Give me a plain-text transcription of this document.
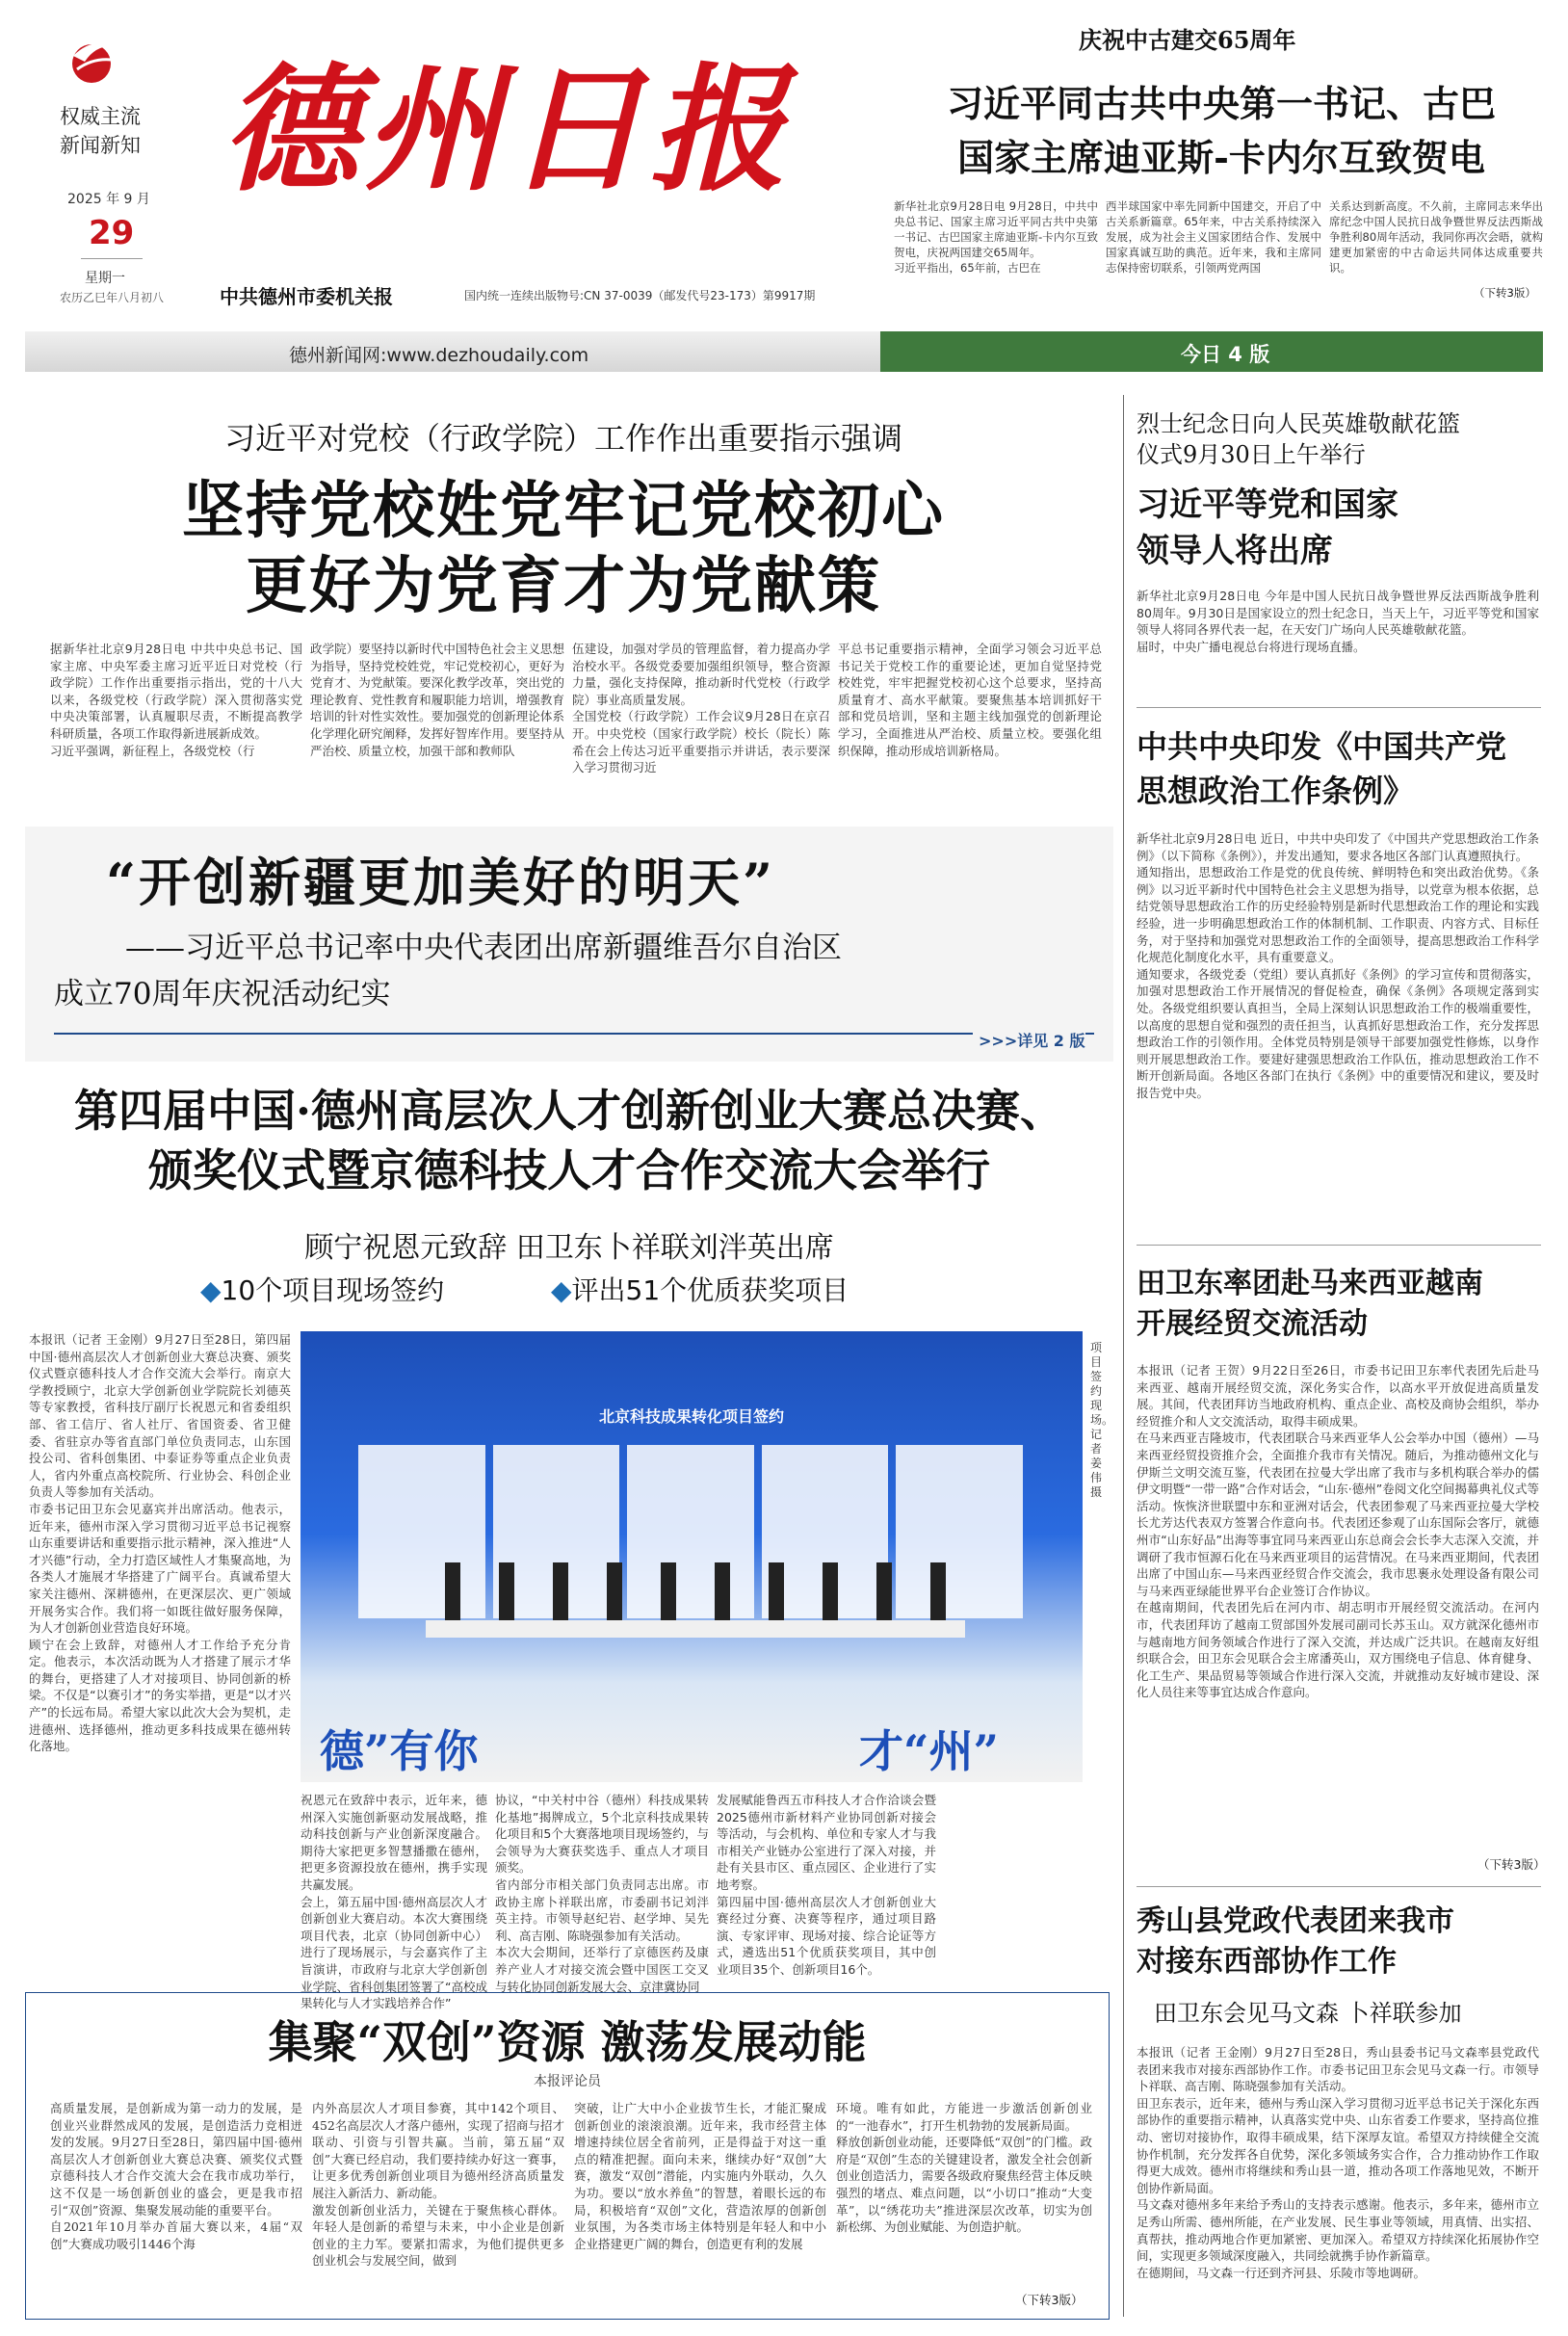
权威主流
新闻新知
2025 年 9 月
29
星期一
农历乙巳年八月初八
德州日报
中共德州市委机关报	国内统一连续出版物号:CN 37-0039（邮发代号23-173）第9917期
庆祝中古建交65周年
习近平同古共中央第一书记、古巴
国家主席迪亚斯-卡内尔互致贺电
新华社北京9月28日电 9月28日，中共中央总书记、国家主席习近平同古共中央第一书记、古巴国家主席迪亚斯-卡内尔互致贺电，庆祝两国建交65周年。
习近平指出，65年前，古巴在
西半球国家中率先同新中国建交，开启了中古关系新篇章。65年来，中古关系持续深入发展，成为社会主义国家团结合作、发展中国家真诚互助的典范。近年来，我和主席同志保持密切联系，引领两党两国
关系达到新高度。不久前，主席同志来华出席纪念中国人民抗日战争暨世界反法西斯战争胜利80周年活动，我同你再次会晤，就构建更加紧密的中古命运共同体达成重要共识。
（下转3版）
德州新闻网:www.dezhoudaily.com	今日 4 版
习近平对党校（行政学院）工作作出重要指示强调
坚持党校姓党牢记党校初心
更好为党育才为党献策
据新华社北京9月28日电 中共中央总书记、国家主席、中央军委主席习近平近日对党校（行政学院）工作作出重要指示指出，党的十八大以来，各级党校（行政学院）深入贯彻落实党中央决策部署，认真履职尽责，不断提高教学科研质量，各项工作取得新进展新成效。
习近平强调，新征程上，各级党校（行
政学院）要坚持以新时代中国特色社会主义思想为指导，坚持党校姓党，牢记党校初心，更好为党育才、为党献策。要深化教学改革，突出党的理论教育、党性教育和履职能力培训，增强教育培训的针对性实效性。要加强党的创新理论体系化学理化研究阐释，发挥好智库作用。要坚持从严治校、质量立校，加强干部和教师队
伍建设，加强对学员的管理监督，着力提高办学治校水平。各级党委要加强组织领导，整合资源力量，强化支持保障，推动新时代党校（行政学院）事业高质量发展。
全国党校（行政学院）工作会议9月28日在京召开。中央党校（国家行政学院）校长（院长）陈希在会上传达习近平重要指示并讲话，表示要深入学习贯彻习近
平总书记重要指示精神，全面学习领会习近平总书记关于党校工作的重要论述，更加自觉坚持党校姓党，牢牢把握党校初心这个总要求，坚持高质量育才、高水平献策。要聚焦基本培训抓好干部和党员培训，坚和主题主线加强党的创新理论学习，全面推进从严治校、质量立校。要强化组织保障，推动形成培训新格局。
“开创新疆更加美好的明天”
——习近平总书记率中央代表团出席新疆维吾尔自治区
成立70周年庆祝活动纪实
>>>详见 2 版
第四届中国·德州高层次人才创新创业大赛总决赛、
颁奖仪式暨京德科技人才合作交流大会举行
顾宁祝恩元致辞 田卫东卜祥联刘泮英出席
◆10个项目现场签约	◆评出51个优质获奖项目
本报讯（记者 王金刚）9月27日至28日，第四届中国·德州高层次人才创新创业大赛总决赛、颁奖仪式暨京德科技人才合作交流大会举行。南京大学教授顾宁，北京大学创新创业学院院长刘德英等专家教授，省科技厅副厅长祝恩元和省委组织部、省工信厅、省人社厅、省国资委、省卫健委、省驻京办等省直部门单位负责同志，山东国投公司、省科创集团、中泰证券等重点企业负责人，省内外重点高校院所、行业协会、科创企业负责人等参加有关活动。
市委书记田卫东会见嘉宾并出席活动。他表示，近年来，德州市深入学习贯彻习近平总书记视察山东重要讲话和重要指示批示精神，深入推进“人才兴德”行动，全力打造区域性人才集聚高地，为各类人才施展才华搭建了广阔平台。真诚希望大家关注德州、深耕德州，在更深层次、更广领域开展务实合作。我们将一如既往做好服务保障，为人才创新创业营造良好环境。
顾宁在会上致辞，对德州人才工作给予充分肯定。他表示，本次活动既为人才搭建了展示才华的舞台，更搭建了人才对接项目、协同创新的桥梁。不仅是“以赛引才”的务实举措，更是“以才兴产”的长远布局。希望大家以此次大会为契机，走进德州、选择德州，推动更多科技成果在德州转化落地。
北京科技成果转化项目签约
德”有你	才“州”
项目签约现场。记者姜伟摄
祝恩元在致辞中表示，近年来，德州深入实施创新驱动发展战略，推动科技创新与产业创新深度融合。期待大家把更多智慧播撒在德州，把更多资源投放在德州，携手实现共赢发展。
会上，第五届中国·德州高层次人才创新创业大赛启动。本次大赛围绕项目代表，北京（协同创新中心）进行了现场展示，与会嘉宾作了主旨演讲，市政府与北京大学创新创业学院、省科创集团签署了“高校成果转化与人才实践培养合作”
协议，“中关村中谷（德州）科技成果转化基地”揭牌成立，5个北京科技成果转化项目和5个大赛落地项目现场签约，与会领导为大赛获奖选手、重点人才项目颁奖。
省内部分市相关部门负责同志出席。市政协主席卜祥联出席，市委副书记刘泮英主持。市领导赵纪岩、赵学坤、吴先利、高吉刚、陈晓强参加有关活动。
本次大会期间，还举行了京德医药及康养产业人才对接交流会暨中国医工交叉与转化协同创新发展大会、京津冀协同
发展赋能鲁西五市科技人才合作洽谈会暨2025德州市新材料产业协同创新对接会等活动，与会机构、单位和专家人才与我市相关产业链办公室进行了深入对接，并赴有关县市区、重点园区、企业进行了实地考察。
第四届中国·德州高层次人才创新创业大赛经过分赛、决赛等程序，通过项目路演、专家评审、现场对接、综合论证等方式，遴选出51个优质获奖项目，其中创业项目35个、创新项目16个。
集聚“双创”资源 激荡发展动能
本报评论员
高质量发展，是创新成为第一动力的发展，是创业兴业群然成风的发展，是创造活力竞相迸发的发展。9月27日至28日，第四届中国·德州高层次人才创新创业大赛总决赛、颁奖仪式暨京德科技人才合作交流大会在我市成功举行，这不仅是一场创新创业的盛会，更是我市招引“双创”资源、集聚发展动能的重要平台。
自2021年10月举办首届大赛以来，4届“双创”大赛成功吸引1446个海
内外高层次人才项目参赛，其中142个项目、452名高层次人才落户德州，实现了招商与招才联动、引资与引智共赢。当前，第五届“双创”大赛已经启动，我们要持续办好这一赛事，让更多优秀创新创业项目为德州经济高质量发展注入新活力、新动能。
激发创新创业活力，关键在于聚焦核心群体。年轻人是创新的希望与未来，中小企业是创新创业的主力军。要紧扣需求，为他们提供更多创业机会与发展空间，做到
突破，让广大中小企业拔节生长，才能汇聚成创新创业的滚滚浪潮。近年来，我市经营主体增速持续位居全省前列，正是得益于对这一重点的精准把握。面向未来，继续办好“双创”大赛，激发“双创”潜能，内实施内外联动，久久为功。要以“放水养鱼”的智慧，着眼长远的布局，积极培育“双创”文化，营造浓厚的创新创业氛围，为各类市场主体特别是年轻人和中小企业搭建更广阔的舞台，创造更有利的发展
环境。唯有如此，方能进一步激活创新创业的“一池春水”，打开生机勃勃的发展新局面。
释放创新创业动能，还要降低“双创”的门槛。政府是“双创”生态的关键建设者，激发全社会创新创业创造活力，需要各级政府聚焦经营主体反映强烈的堵点、难点问题，以“小切口”推动“大变革”，以“绣花功夫”推进深层次改革，切实为创新松绑、为创业赋能、为创造护航。
（下转3版）
烈士纪念日向人民英雄敬献花篮
仪式9月30日上午举行
习近平等党和国家
领导人将出席
新华社北京9月28日电 今年是中国人民抗日战争暨世界反法西斯战争胜利80周年。9月30日是国家设立的烈士纪念日，当天上午，习近平等党和国家领导人将同各界代表一起，在天安门广场向人民英雄敬献花篮。
届时，中央广播电视总台将进行现场直播。
中共中央印发《中国共产党
思想政治工作条例》
新华社北京9月28日电 近日，中共中央印发了《中国共产党思想政治工作条例》（以下简称《条例》），并发出通知，要求各地区各部门认真遵照执行。
通知指出，思想政治工作是党的优良传统、鲜明特色和突出政治优势。《条例》以习近平新时代中国特色社会主义思想为指导，以党章为根本依据，总结党领导思想政治工作的历史经验特别是新时代思想政治工作的理论和实践经验，进一步明确思想政治工作的体制机制、工作职责、内容方式、目标任务，对于坚持和加强党对思想政治工作的全面领导，提高思想政治工作科学化规范化制度化水平，具有重要意义。
通知要求，各级党委（党组）要认真抓好《条例》的学习宣传和贯彻落实，加强对思想政治工作开展情况的督促检查，确保《条例》各项规定落到实处。各级党组织要认真担当，全局上深刻认识思想政治工作的极端重要性，以高度的思想自觉和强烈的责任担当，认真抓好思想政治工作，充分发挥思想政治工作的引领作用。全体党员特别是领导干部要加强党性修炼，以身作则开展思想政治工作。要建好建强思想政治工作队伍，推动思想政治工作不断开创新局面。各地区各部门在执行《条例》中的重要情况和建议，要及时报告党中央。
田卫东率团赴马来西亚越南
开展经贸交流活动
本报讯（记者 王贺）9月22日至26日，市委书记田卫东率代表团先后赴马来西亚、越南开展经贸交流，深化务实合作，以高水平开放促进高质量发展。其间，代表团拜访当地政府机构、重点企业、高校及商协会组织，举办经贸推介和人文交流活动，取得丰硕成果。
在马来西亚吉隆坡市，代表团联合马来西亚华人公会举办中国（德州）—马来西亚经贸投资推介会，全面推介我市有关情况。随后，为推动德州文化与伊斯兰文明交流互鉴，代表团在拉曼大学出席了我市与多机构联合举办的儒伊文明暨“一带一路”合作对话会，“山东·德州”卷阅文化空间揭幕典礼仪式等活动。恢恢济世联盟中东和亚洲对话会，代表团参观了马来西亚拉曼大学校长尤芳达代表双方签署合作意向书。代表团还参观了山东国际会客厅，就德州市“山东好品”出海等事宜同马来西亚山东总商会会长李大志深入交流，并调研了我市恒源石化在马来西亚项目的运营情况。在马来西亚期间，代表团出席了中国山东—马来西亚经贸合作交流会，我市思裹永处理设备有限公司与马来西亚绿能世界平台企业签订合作协议。
在越南期间，代表团先后在河内市、胡志明市开展经贸交流活动。在河内市，代表团拜访了越南工贸部国外发展司副司长苏玉山。双方就深化德州市与越南地方间务领域合作进行了深入交流，并达成广泛共识。在越南友好组织联合会，田卫东会见联合会主席潘英山，双方围绕电子信息、体育健身、化工生产、果品贸易等领域合作进行深入交流，并就推动友好城市建设、深化人员往来等事宜达成合作意向。
（下转3版）
秀山县党政代表团来我市
对接东西部协作工作
田卫东会见马文森 卜祥联参加
本报讯（记者 王金刚）9月27日至28日，秀山县委书记马文森率县党政代表团来我市对接东西部协作工作。市委书记田卫东会见马文森一行。市领导卜祥联、高吉刚、陈晓强参加有关活动。
田卫东表示，近年来，德州与秀山深入学习贯彻习近平总书记关于深化东西部协作的重要指示精神，认真落实党中央、山东省委工作要求，坚持高位推动、密切对接协作，取得丰硕成果，结下深厚友谊。希望双方持续健全交流协作机制，充分发挥各自优势，深化多领域务实合作，合力推动协作工作取得更大成效。德州市将继续和秀山县一道，推动各项工作落地见效，不断开创协作新局面。
马文森对德州多年来给予秀山的支持表示感谢。他表示，多年来，德州市立足秀山所需、德州所能，在产业发展、民生事业等领域，用真情、出实招、真帮扶，推动两地合作更加紧密、更加深入。希望双方持续深化拓展协作空间，实现更多领域深度融入，共同绘就携手协作新篇章。
在德期间，马文森一行还到齐河县、乐陵市等地调研。
